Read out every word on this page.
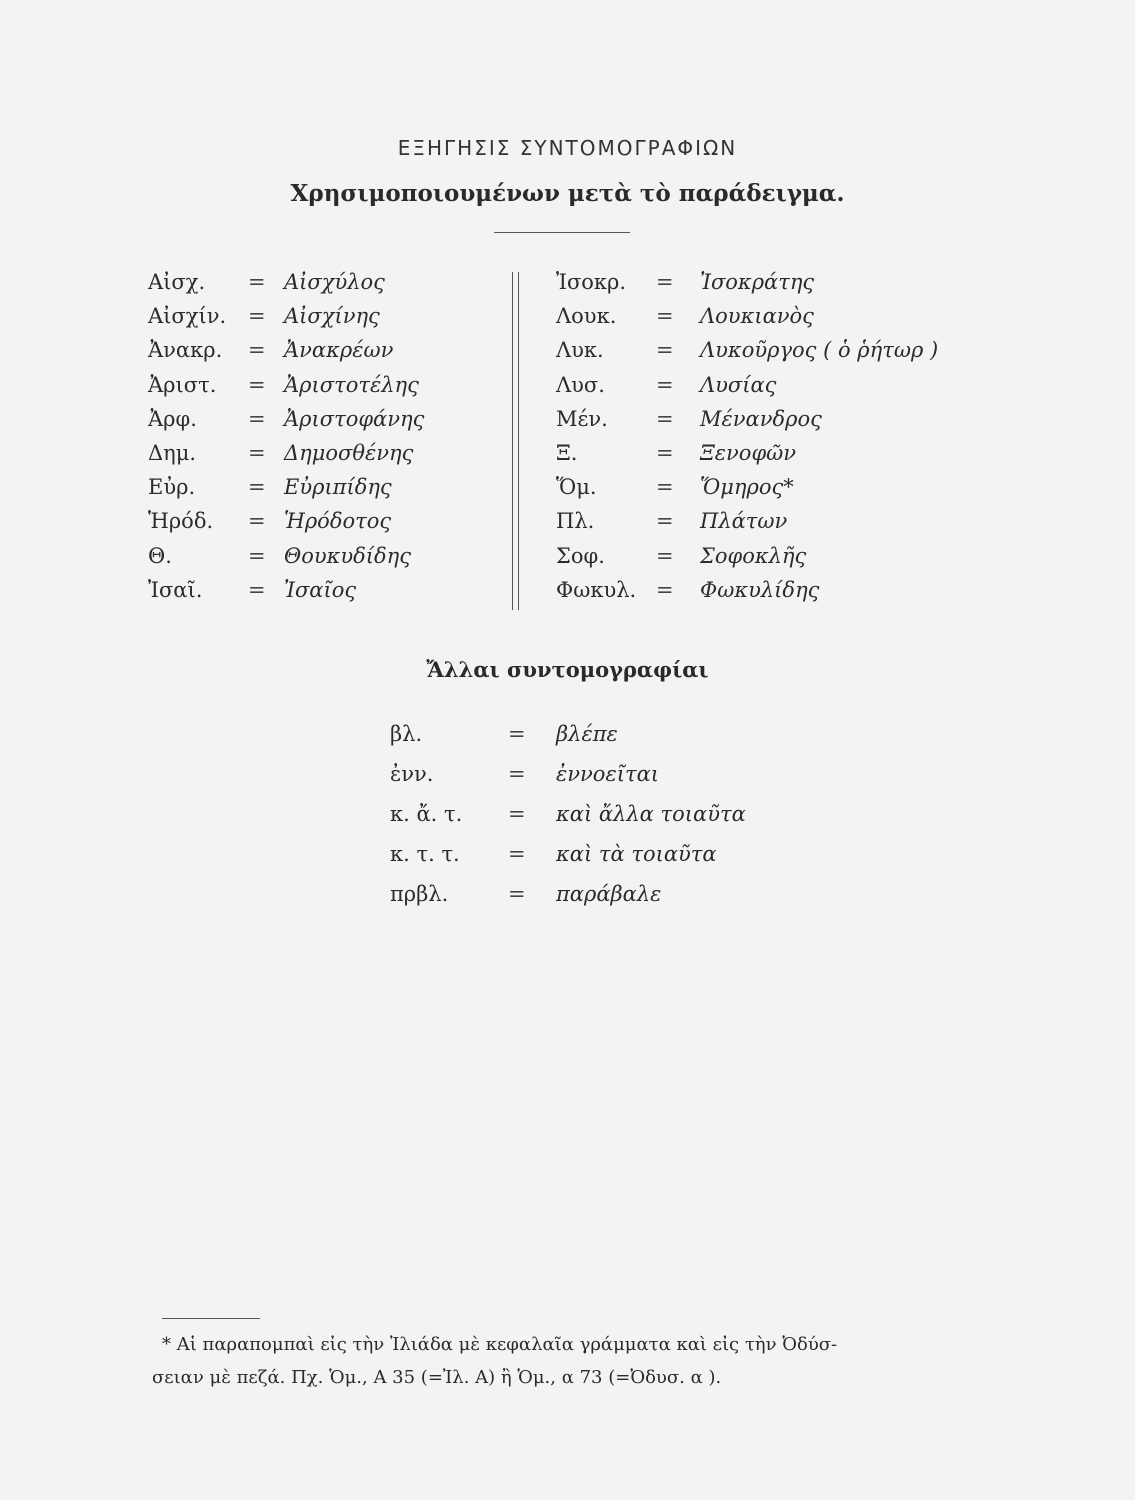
ΕΞΗΓΗΣΙΣ ΣΥΝΤΟΜΟΓΡΑΦΙΩΝ
Χρησιμοποιουμένων μετὰ τὸ παράδειγμα.
Αἰσχ. = Αἰσχύλος
Αἰσχίν. = Αἰσχίνης
Ἀνακρ. = Ἀνακρέων
Ἀριστ. = Ἀριστοτέλης
Ἀρφ. = Ἀριστοφάνης
Δημ. = Δημοσθένης
Εὐρ.	= Εὐριπίδης
Ἡρόδ. = Ἡρόδοτος
Θ.	= Θουκυδίδης
Ἰσαῖ. = Ἰσαῖος
Ἰσοκρ. = Ἰσοκράτης
Λουκ. = Λουκιανὸς
Λυκ. = Λυκοῦργος ( ὁ ῥήτωρ )
Λυσ. = Λυσίας
Μέν. = Μένανδρος
Ξ.	= Ξενοφῶν
Ὅμ.	= Ὅμηρος*
Πλ.	= Πλάτων
Σοφ. = Σοφοκλῆς
Φωκυλ. = Φωκυλίδης
Ἄλλαι συντομογραφίαι
βλ.	= βλέπε
ἐνν.	= ἐννοεῖται
κ. ἄ. τ. = καὶ ἄλλα τοιαῦτα
κ. τ. τ. = καὶ τὰ τοιαῦτα
πρβλ.	= παράβαλε
* Αἱ παραπομπαὶ εἰς τὴν Ἰλιάδα μὲ κεφαλαῖα γράμματα καὶ εἰς τὴν Ὀδύσ-
σειαν μὲ πεζά. Πχ. Ὁμ., Α 35 (=Ἰλ. Α) ἢ Ὁμ., α 73 (=Ὀδυσ. α ).
